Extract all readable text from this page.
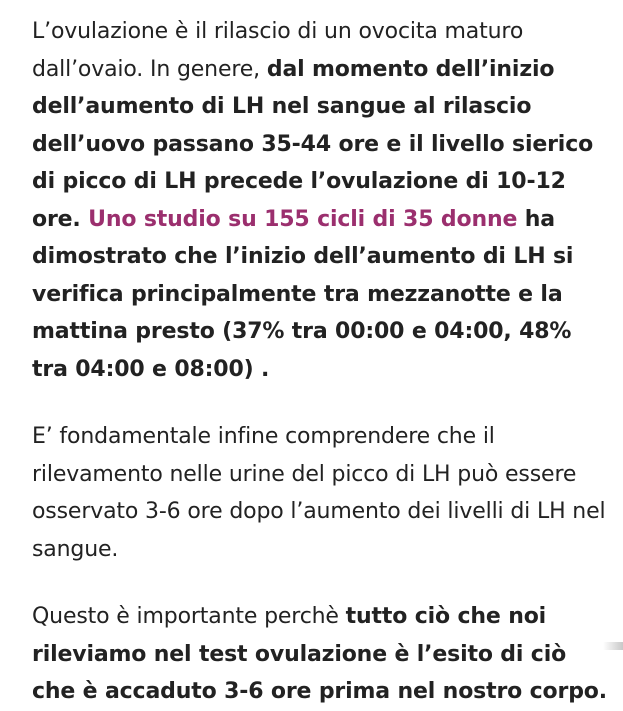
L’ovulazione è il rilascio di un ovocita maturo dall’ovaio. In genere, dal momento dell’inizio dell’aumento di LH nel sangue al rilascio dell’uovo passano 35-44 ore e il livello sierico di picco di LH precede l’ovulazione di 10-12 ore. Uno studio su 155 cicli di 35 donne ha dimostrato che l’inizio dell’aumento di LH si verifica principalmente tra mezzanotte e la mattina presto (37% tra 00:00 e 04:00, 48% tra 04:00 e 08:00) .

E’ fondamentale infine comprendere che il rilevamento nelle urine del picco di LH può essere osservato 3-6 ore dopo l’aumento dei livelli di LH nel sangue.

Questo è importante perchè tutto ciò che noi rileviamo nel test ovulazione è l’esito di ciò che è accaduto 3-6 ore prima nel nostro corpo.
